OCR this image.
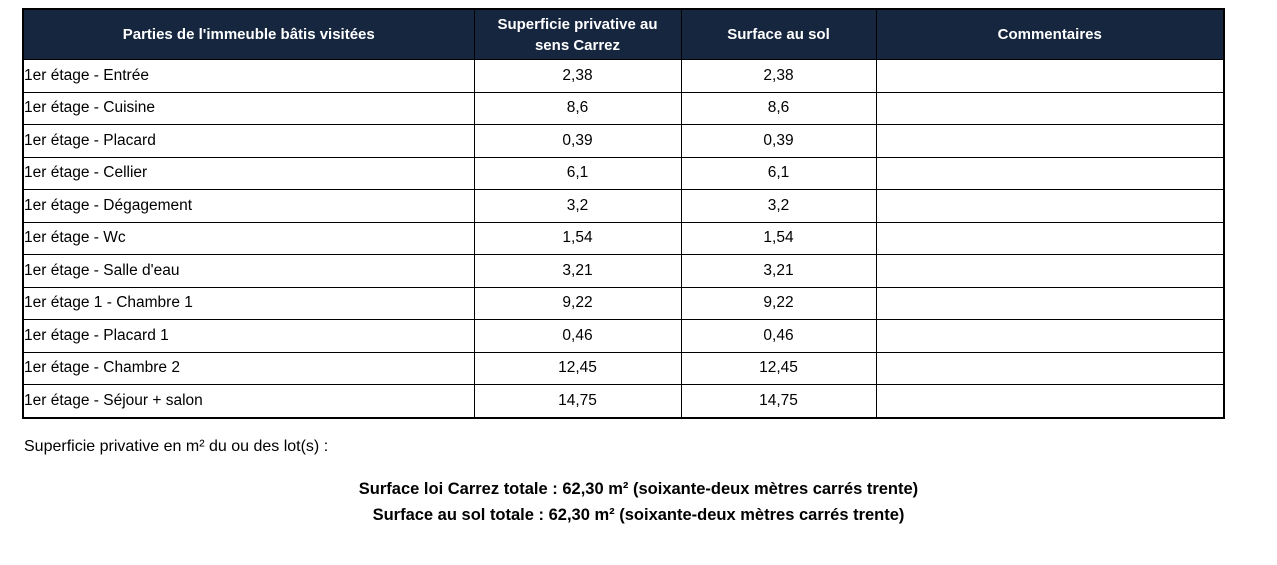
Parties de l'immeuble bâtis visitées	Superficie privative au sens Carrez	Surface au sol	Commentaires
1er étage - Entrée	2,38	2,38	
1er étage - Cuisine	8,6	8,6	
1er étage - Placard	0,39	0,39	
1er étage - Cellier	6,1	6,1	
1er étage - Dégagement	3,2	3,2	
1er étage - Wc	1,54	1,54	
1er étage - Salle d'eau	3,21	3,21	
1er étage 1 - Chambre 1	9,22	9,22	
1er étage - Placard 1	0,46	0,46	
1er étage - Chambre 2	12,45	12,45	
1er étage - Séjour + salon	14,75	14,75	
Superficie privative en m² du ou des lot(s) :
Surface loi Carrez totale : 62,30 m² (soixante-deux mètres carrés trente)
Surface au sol totale : 62,30 m² (soixante-deux mètres carrés trente)
